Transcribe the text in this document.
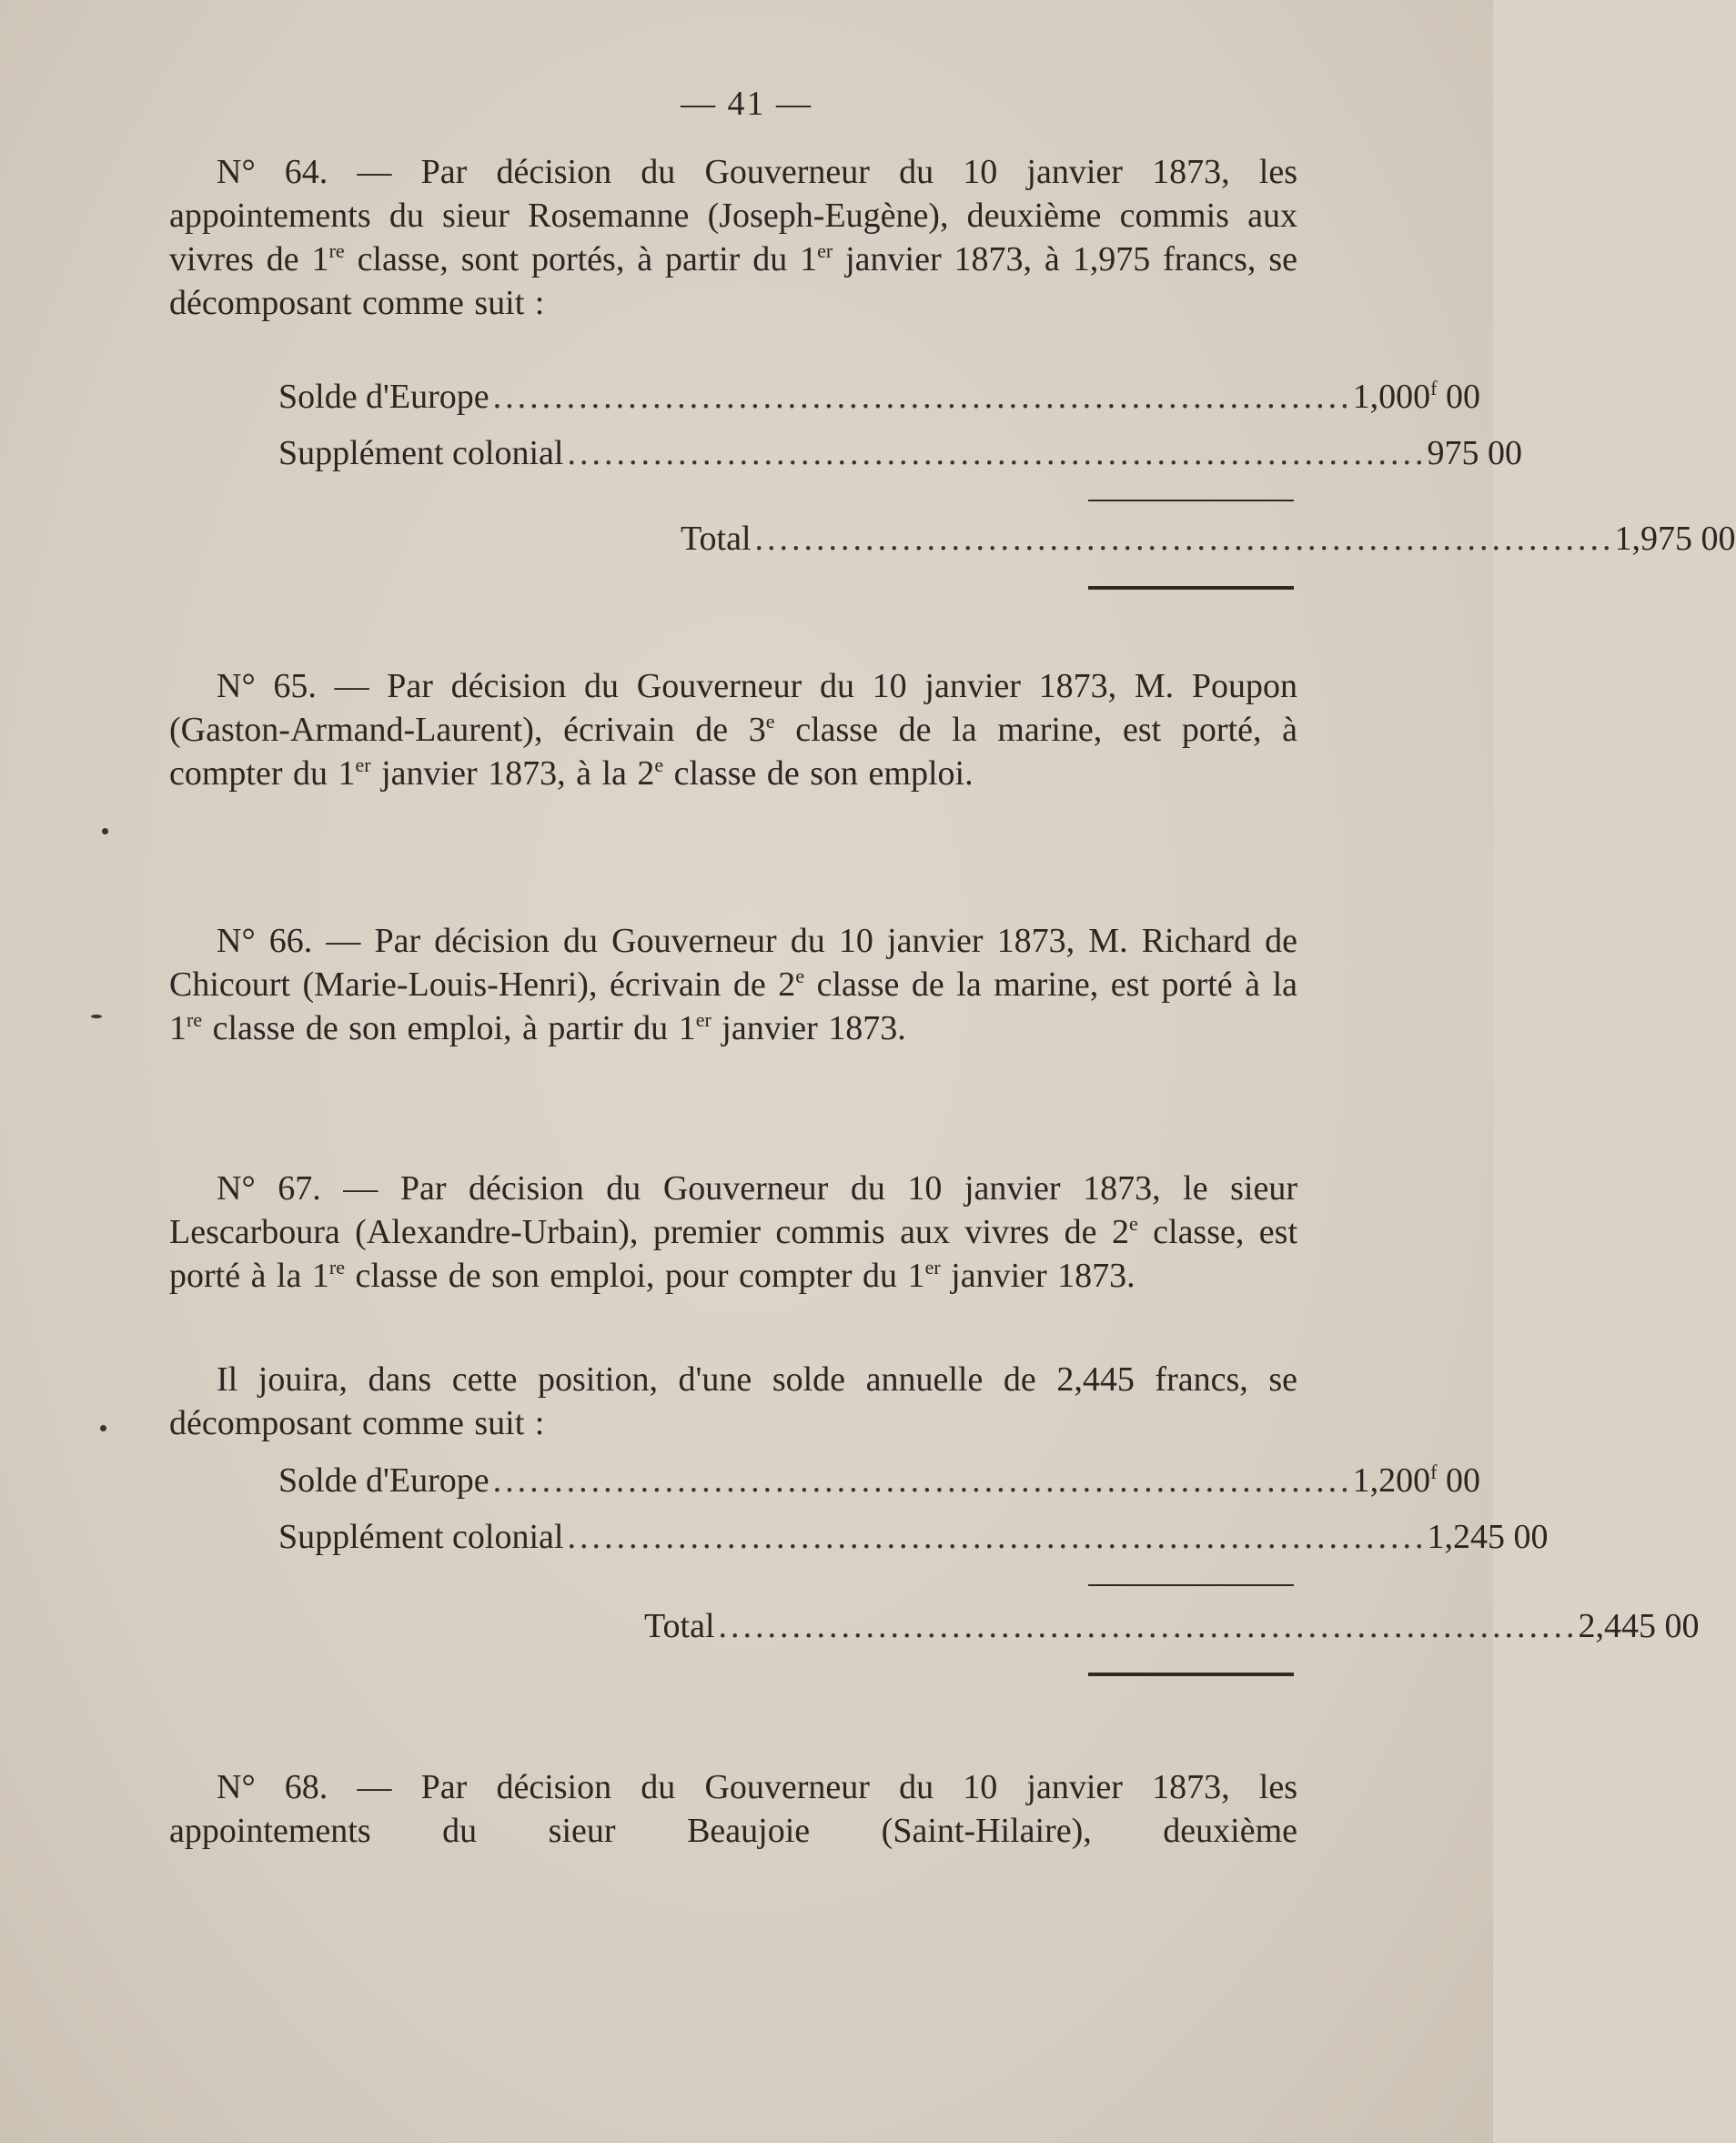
— 41 —

N° 64. — Par décision du Gouverneur du 10 janvier 1873, les appointements du sieur Rosemanne (Joseph-Eugène), deuxième commis aux vivres de 1re classe, sont portés, à partir du 1er janvier 1873, à 1,975 francs, se décomposant comme suit :

Solde d'Europe ...................................................................... 1,000$^f$ 00
Supplément colonial ...................................................................... 975 00
Total ...................................................................... 1,975 00

N° 65. — Par décision du Gouverneur du 10 janvier 1873, M. Poupon (Gaston-Armand-Laurent), écrivain de 3e classe de la marine, est porté, à compter du 1er janvier 1873, à la 2e classe de son emploi.

N° 66. — Par décision du Gouverneur du 10 janvier 1873, M. Richard de Chicourt (Marie-Louis-Henri), écrivain de 2e classe de la marine, est porté à la 1re classe de son emploi, à partir du 1er janvier 1873.

N° 67. — Par décision du Gouverneur du 10 janvier 1873, le sieur Lescarboura (Alexandre-Urbain), premier commis aux vivres de 2e classe, est porté à la 1re classe de son emploi, pour compter du 1er janvier 1873.

Il jouira, dans cette position, d'une solde annuelle de 2,445 francs, se décomposant comme suit :

Solde d'Europe ...................................................................... 1,200$^f$ 00
Supplément colonial ...................................................................... 1,245 00
Total ...................................................................... 2,445 00

N° 68. — Par décision du Gouverneur du 10 janvier 1873, les appointements du sieur Beaujoie (Saint-Hilaire), deuxième
